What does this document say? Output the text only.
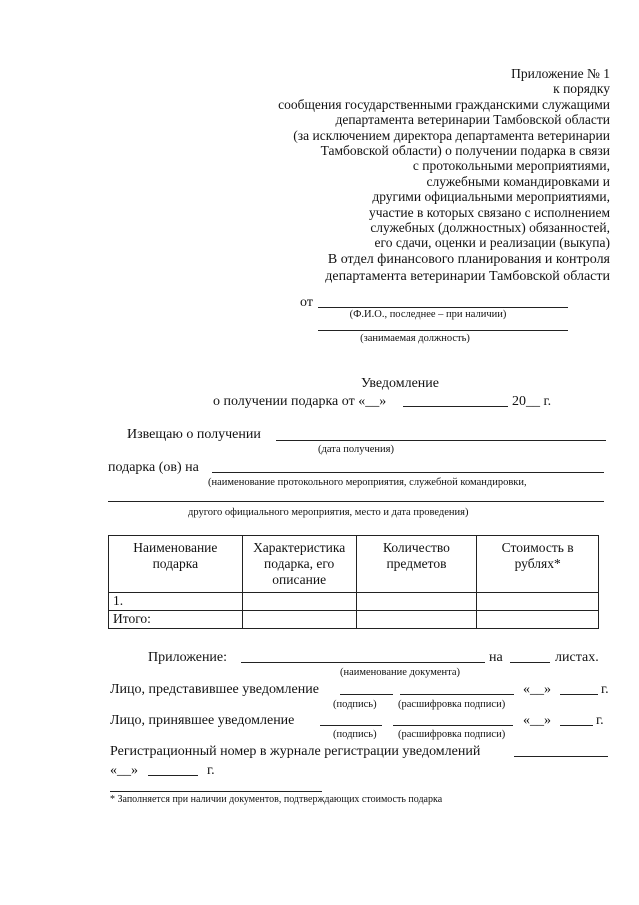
Приложение № 1
к порядку
сообщения государственными гражданскими служащими
департамента ветеринарии Тамбовской области
(за исключением директора департамента ветеринарии
Тамбовской области) о получении подарка в связи
с протокольными мероприятиями,
служебными командировками и
другими официальными мероприятиями,
участие в которых связано с исполнением
служебных (должностных) обязанностей,
его сдачи, оценки и реализации (выкупа)
В отдел финансового планирования и контроля
департамента ветеринарии Тамбовской области
от
(Ф.И.О., последнее – при наличии)
(занимаемая должность)
Уведомление
о получении подарка от «__»	20__ г.
Извещаю о получении
(дата получения)
подарка (ов) на
(наименование протокольного мероприятия, служебной командировки,
другого официального мероприятия, место и дата проведения)
Наименование подарка	Характеристика подарка, его описание	Количество предметов	Стоимость в рублях*
1.			
Итого:			
Приложение:	на	листах.
(наименование документа)
Лицо, представившее уведомление	«__»	г.
(подпись) (расшифровка подписи)
Лицо, принявшее уведомление	«__»	г.
(подпись) (расшифровка подписи)
Регистрационный номер в журнале регистрации уведомлений
«__»	г.
* Заполняется при наличии документов, подтверждающих стоимость подарка
